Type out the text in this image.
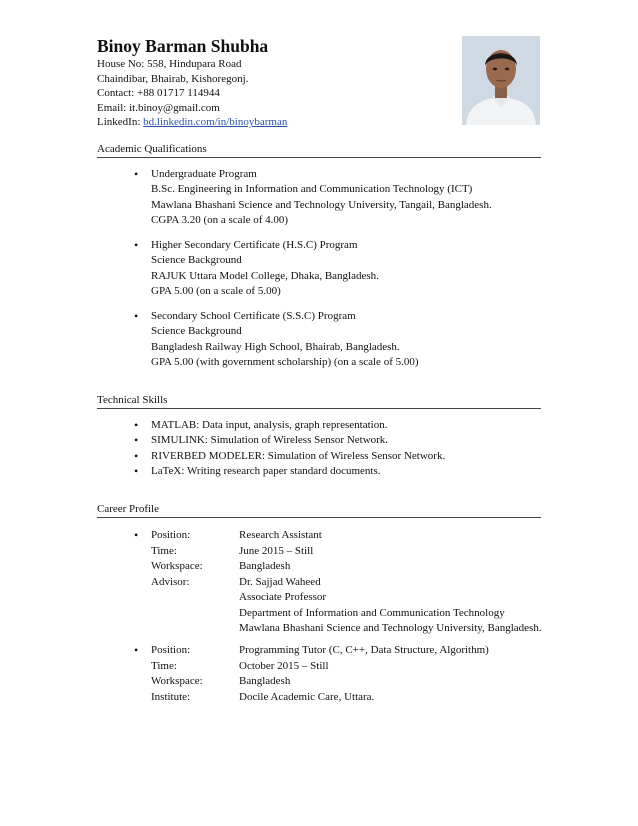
Binoy Barman Shubha
House No: 558, Hindupara Road
Chaindibar, Bhairab, Kishoregonj.
Contact: +88 01717 114944
Email: it.binoy@gmail.com
LinkedIn: bd.linkedin.com/in/binoybarman
Academic Qualifications
• Undergraduate Program
B.Sc. Engineering in Information and Communication Technology (ICT)
Mawlana Bhashani Science and Technology University, Tangail, Bangladesh.
CGPA 3.20 (on a scale of 4.00)
• Higher Secondary Certificate (H.S.C) Program
Science Background
RAJUK Uttara Model College, Dhaka, Bangladesh.
GPA 5.00 (on a scale of 5.00)
• Secondary School Certificate (S.S.C) Program
Science Background
Bangladesh Railway High School, Bhairab, Bangladesh.
GPA 5.00 (with government scholarship) (on a scale of 5.00)
Technical Skills
• MATLAB: Data input, analysis, graph representation.
• SIMULINK: Simulation of Wireless Sensor Network.
• RIVERBED MODELER: Simulation of Wireless Sensor Network.
• LaTeX: Writing research paper standard documents.
Career Profile
•	Position:	Research Assistant
Time:	June 2015 – Still
Workspace:	Bangladesh
Advisor:	Dr. Sajjad Waheed
Associate Professor
Department of Information and Communication Technology
Mawlana Bhashani Science and Technology University, Bangladesh.
•	Position:	Programming Tutor (C, C++, Data Structure, Algorithm)
Time:	October 2015 – Still
Workspace:	Bangladesh
Institute:	Docile Academic Care, Uttara.
